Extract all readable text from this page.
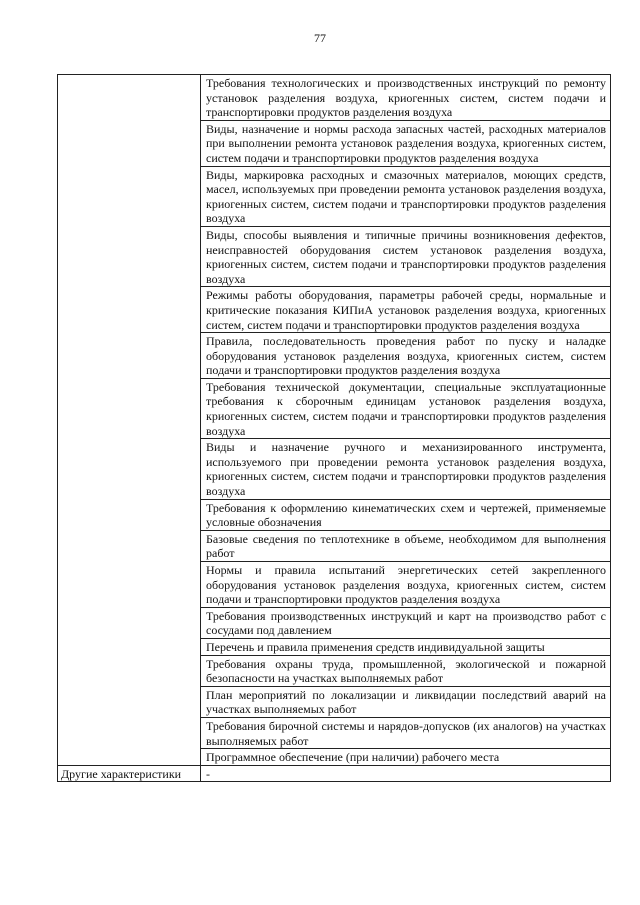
77
	Требования технологических и производственных инструкций по ремонту установок разделения воздуха, криогенных систем, систем подачи и транспортировки продуктов разделения воздуха
	Виды, назначение и нормы расхода запасных частей, расходных материалов при выполнении ремонта установок разделения воздуха, криогенных систем, систем подачи и транспортировки продуктов разделения воздуха
	Виды, маркировка расходных и смазочных материалов, моющих средств, масел, используемых при проведении ремонта установок разделения воздуха, криогенных систем, систем подачи и транспортировки продуктов разделения воздуха
	Виды, способы выявления и типичные причины возникновения дефектов, неисправностей оборудования систем установок разделения воздуха, криогенных систем, систем подачи и транспортировки продуктов разделения воздуха
	Режимы работы оборудования, параметры рабочей среды, нормальные и критические показания КИПиА установок разделения воздуха, криогенных систем, систем подачи и транспортировки продуктов разделения воздуха
	Правила, последовательность проведения работ по пуску и наладке оборудования установок разделения воздуха, криогенных систем, систем подачи и транспортировки продуктов разделения воздуха
	Требования технической документации, специальные эксплуатационные требования к сборочным единицам установок разделения воздуха, криогенных систем, систем подачи и транспортировки продуктов разделения воздуха
	Виды и назначение ручного и механизированного инструмента, используемого при проведении ремонта установок разделения воздуха, криогенных систем, систем подачи и транспортировки продуктов разделения воздуха
	Требования к оформлению кинематических схем и чертежей, применяемые условные обозначения
	Базовые сведения по теплотехнике в объеме, необходимом для выполнения работ
	Нормы и правила испытаний энергетических сетей закрепленного оборудования установок разделения воздуха, криогенных систем, систем подачи и транспортировки продуктов разделения воздуха
	Требования производственных инструкций и карт на производство работ с сосудами под давлением
	Перечень и правила применения средств индивидуальной защиты
	Требования охраны труда, промышленной, экологической и пожарной безопасности на участках выполняемых работ
	План мероприятий по локализации и ликвидации последствий аварий на участках выполняемых работ
	Требования бирочной системы и нарядов-допусков (их аналогов) на участках выполняемых работ
	Программное обеспечение (при наличии) рабочего места
Другие характеристики	-
